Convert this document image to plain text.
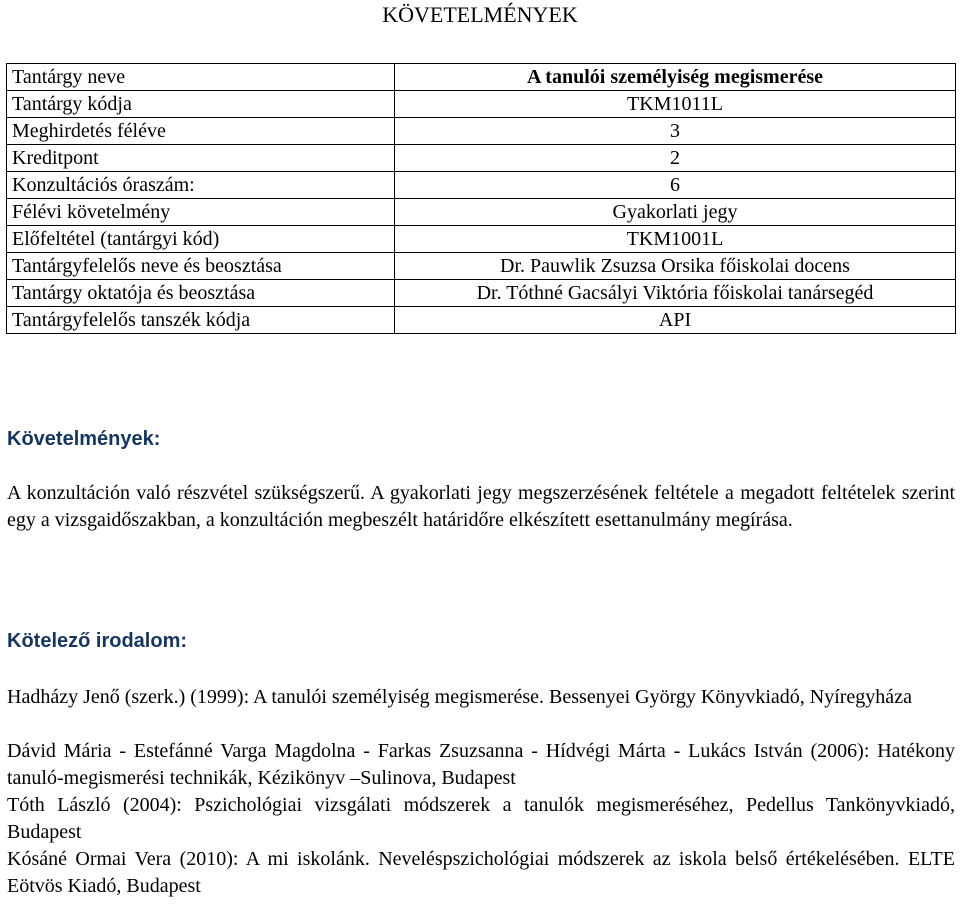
KÖVETELMÉNYEK
Tantárgy neve	A tanulói személyiség megismerése
Tantárgy kódja	TKM1011L
Meghirdetés féléve	3
Kreditpont	2
Konzultációs óraszám:	6
Félévi követelmény	Gyakorlati jegy
Előfeltétel (tantárgyi kód)	TKM1001L
Tantárgyfelelős neve és beosztása	Dr. Pauwlik Zsuzsa Orsika főiskolai docens
Tantárgy oktatója és beosztása	Dr. Tóthné Gacsályi Viktória főiskolai tanársegéd
Tantárgyfelelős tanszék kódja	API
Követelmények:
A konzultáción való részvétel szükségszerű. A gyakorlati jegy megszerzésének feltétele a megadott feltételek szerint egy a vizsgaidőszakban, a konzultáción megbeszélt határidőre elkészített esettanulmány megírása.
Kötelező irodalom:
Hadházy Jenő (szerk.) (1999): A tanulói személyiség megismerése. Bessenyei György Könyvkiadó, Nyíregyháza
Dávid Mária - Estefánné Varga Magdolna - Farkas Zsuzsanna - Hídvégi Márta - Lukács István (2006): Hatékony tanuló-megismerési technikák, Kézikönyv –Sulinova, Budapest
Tóth László (2004): Pszichológiai vizsgálati módszerek a tanulók megismeréséhez, Pedellus Tankönyvkiadó, Budapest
Kósáné Ormai Vera (2010): A mi iskolánk. Neveléspszichológiai módszerek az iskola belső értékelésében. ELTE Eötvös Kiadó, Budapest
